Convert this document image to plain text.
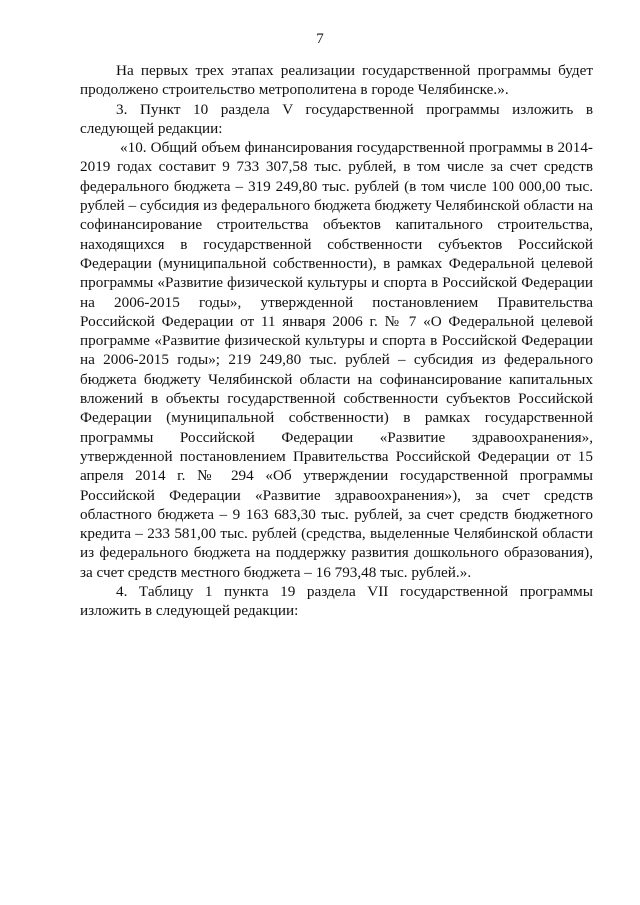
7

На первых трех этапах реализации государственной программы будет продолжено строительство метрополитена в городе Челябинске.».

3. Пункт 10 раздела V государственной программы изложить в следующей редакции:

«10. Общий объем финансирования государственной программы в 2014-2019 годах составит 9 733 307,58 тыс. рублей, в том числе за счет средств федерального бюджета – 319 249,80 тыс. рублей (в том числе 100 000,00 тыс. рублей – субсидия из федерального бюджета бюджету Челябинской области на софинансирование строительства объектов капитального строительства, находящихся в государственной собственности субъектов Российской Федерации (муниципальной собственности), в рамках Федеральной целевой программы «Развитие физической культуры и спорта в Российской Федерации на 2006-2015 годы», утвержденной постановлением Правительства Российской Федерации от 11 января 2006 г. № 7 «О Федеральной целевой программе «Развитие физической культуры и спорта в Российской Федерации на 2006-2015 годы»; 219 249,80 тыс. рублей – субсидия из федерального бюджета бюджету Челябинской области на софинансирование капитальных вложений в объекты государственной собственности субъектов Российской Федерации (муниципальной собственности) в рамках государственной программы Российской Федерации «Развитие здравоохранения», утвержденной постановлением Правительства Российской Федерации от 15 апреля 2014 г. № 294 «Об утверждении государственной программы Российской Федерации «Развитие здравоохранения»), за счет средств областного бюджета – 9 163 683,30 тыс. рублей, за счет средств бюджетного кредита – 233 581,00 тыс. рублей (средства, выделенные Челябинской области из федерального бюджета на поддержку развития дошкольного образования), за счет средств местного бюджета – 16 793,48 тыс. рублей.».

4. Таблицу 1 пункта 19 раздела VII государственной программы изложить в следующей редакции:
